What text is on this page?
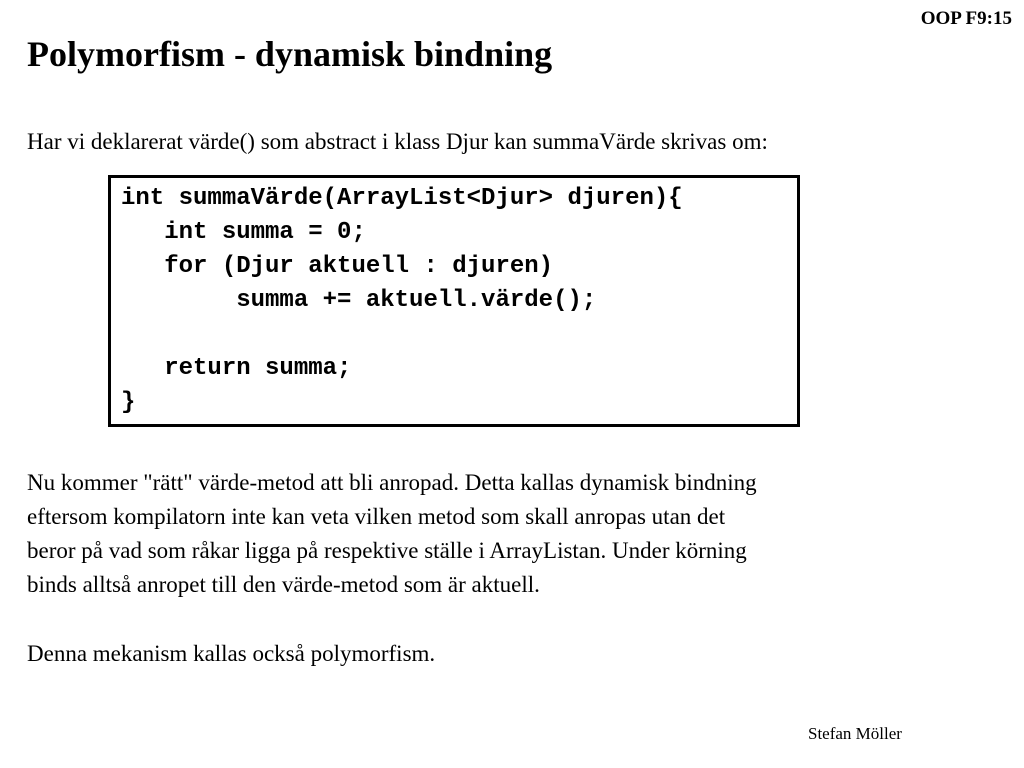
OOP F9:15
Polymorfism - dynamisk bindning

Har vi deklarerat värde() som abstract i klass Djur kan summaVärde skrivas om:

int summaVärde(ArrayList<Djur> djuren){
int summa = 0;
for (Djur aktuell : djuren)
summa += aktuell.värde();
return summa;
}

Nu kommer "rätt" värde-metod att bli anropad. Detta kallas dynamisk bindning
eftersom kompilatorn inte kan veta vilken metod som skall anropas utan det
beror på vad som råkar ligga på respektive ställe i ArrayListan. Under körning
binds alltså anropet till den värde-metod som är aktuell.

Denna mekanism kallas också polymorfism.

Stefan Möller
